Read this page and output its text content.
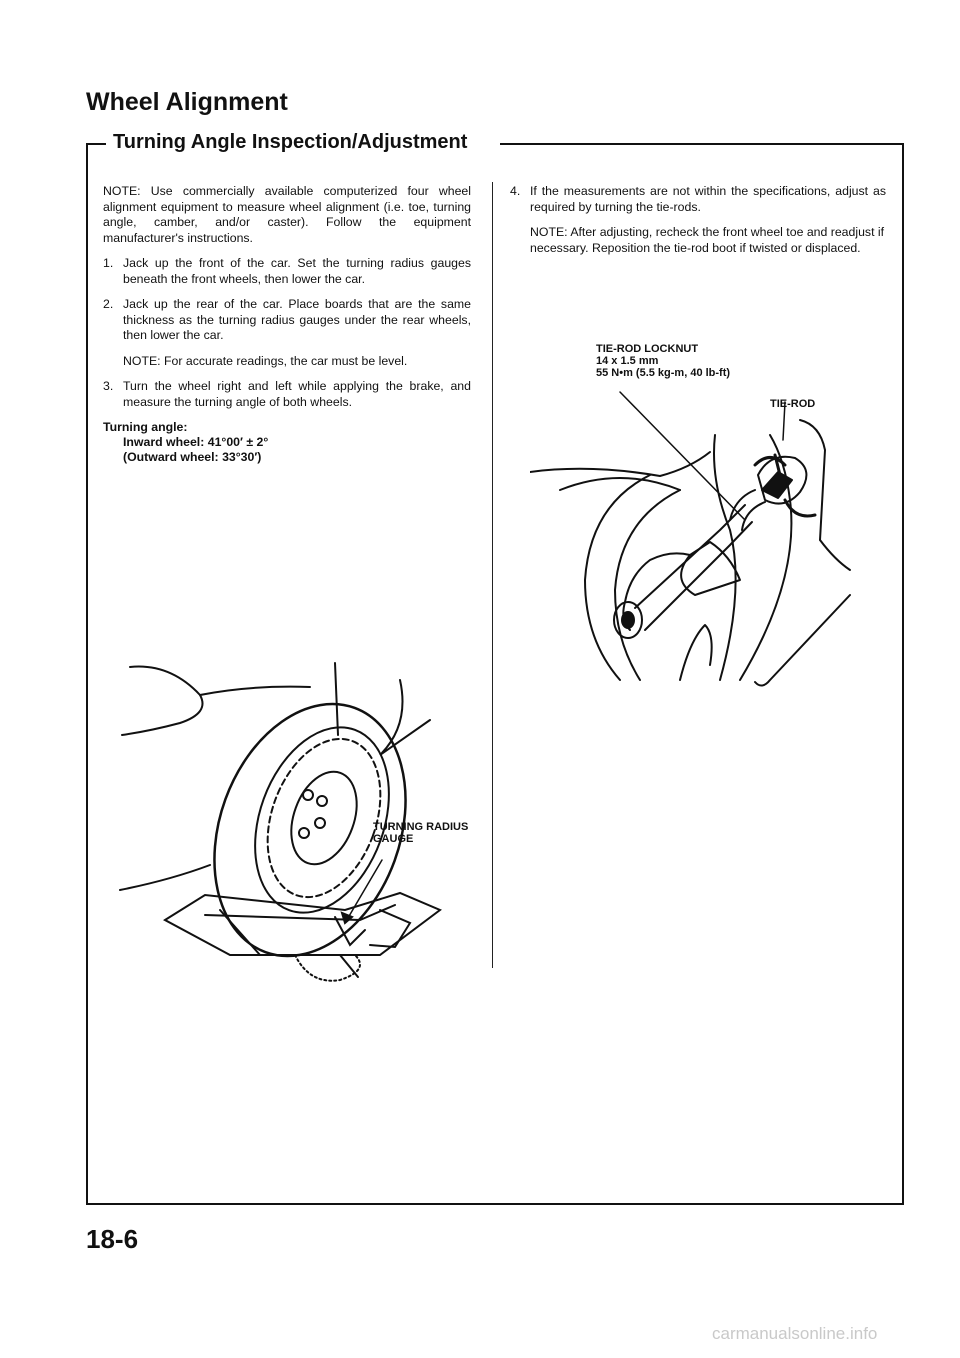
Wheel Alignment
Turning Angle Inspection/Adjustment

NOTE: Use commercially available computerized four wheel alignment equipment to measure wheel alignment (i.e. toe, turning angle, camber, and/or caster). Follow the equipment manufacturer's instructions.

1. Jack up the front of the car. Set the turning radius gauges beneath the front wheels, then lower the car.
2. Jack up the rear of the car. Place boards that are the same thickness as the turning radius gauges under the rear wheels, then lower the car.

NOTE: For accurate readings, the car must be level.

3. Turn the wheel right and left while applying the brake, and measure the turning angle of both wheels.
Turning angle:
Inward wheel: 41°00′ ± 2°
(Outward wheel: 33°30′)
TURNING RADIUS
GAUGE
4. If the measurements are not within the specifications, adjust as required by turning the tie-rods.

NOTE: After adjusting, recheck the front wheel toe and readjust if necessary. Reposition the tie-rod boot if twisted or displaced.

TIE-ROD LOCKNUT
14 x 1.5 mm
55 N•m (5.5 kg-m, 40 lb-ft)
TIE-ROD
18-6
carmanualsonline.info
